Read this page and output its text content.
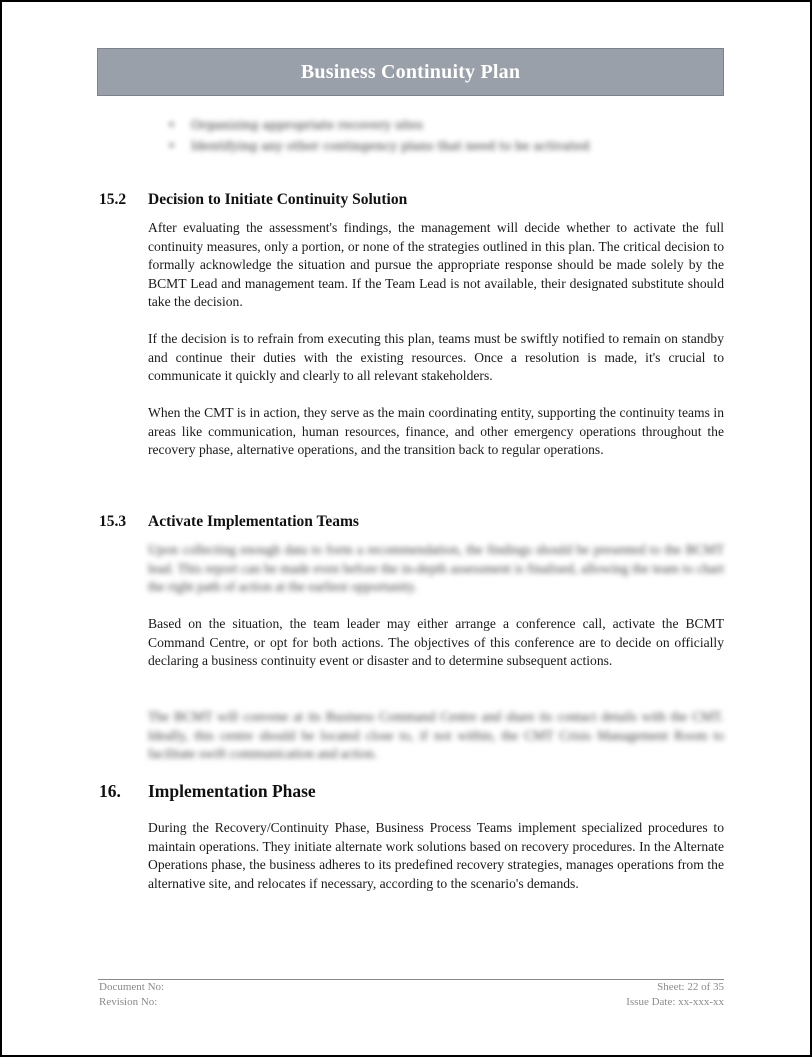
Business Continuity Plan
• Organizing appropriate recovery sites
• Identifying any other contingency plans that need to be activated
15.2	Decision to Initiate Continuity Solution

After evaluating the assessment's findings, the management will decide whether to activate the full continuity measures, only a portion, or none of the strategies outlined in this plan. The critical decision to formally acknowledge the situation and pursue the appropriate response should be made solely by the BCMT Lead and management team. If the Team Lead is not available, their designated substitute should take the decision.

If the decision is to refrain from executing this plan, teams must be swiftly notified to remain on standby and continue their duties with the existing resources. Once a resolution is made, it's crucial to communicate it quickly and clearly to all relevant stakeholders.

When the CMT is in action, they serve as the main coordinating entity, supporting the continuity teams in areas like communication, human resources, finance, and other emergency operations throughout the recovery phase, alternative operations, and the transition back to regular operations.

15.3	Activate Implementation Teams

Upon collecting enough data to form a recommendation, the findings should be presented to the BCMT lead. This report can be made even before the in-depth assessment is finalised, allowing the team to chart the right path of action at the earliest opportunity.

Based on the situation, the team leader may either arrange a conference call, activate the BCMT Command Centre, or opt for both actions. The objectives of this conference are to decide on officially declaring a business continuity event or disaster and to determine subsequent actions.

The BCMT will convene at its Business Command Centre and share its contact details with the CMT. Ideally, this centre should be located close to, if not within, the CMT Crisis Management Room to facilitate swift communication and action.

16.	Implementation Phase

During the Recovery/Continuity Phase, Business Process Teams implement specialized procedures to maintain operations. They initiate alternate work solutions based on recovery procedures. In the Alternate Operations phase, the business adheres to its predefined recovery strategies, manages operations from the alternative site, and relocates if necessary, according to the scenario's demands.

Document No:	Sheet: 22 of 35
Revision No:	Issue Date: xx-xxx-xx
